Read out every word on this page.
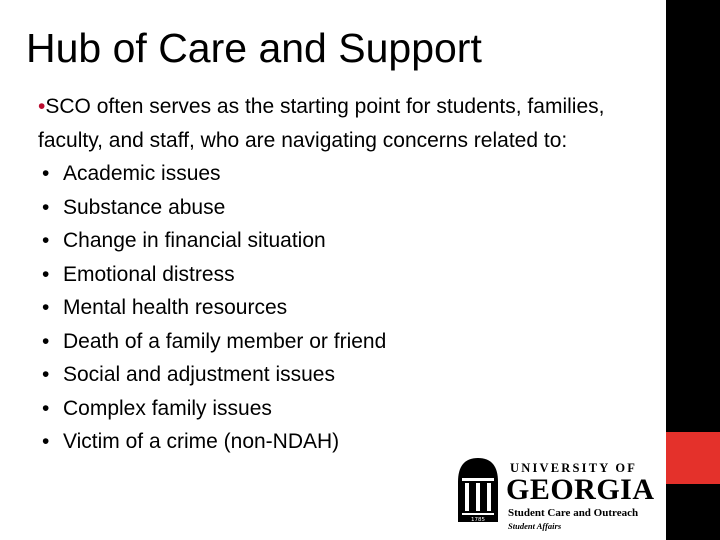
Hub of Care and Support

•SCO often serves as the starting point for students, families, faculty, and staff, who are navigating concerns related to:

• Academic issues
• Substance abuse
• Change in financial situation
• Emotional distress
• Mental health resources
• Death of a family member or friend
• Social and adjustment issues
• Complex family issues
• Victim of a crime (non-NDAH)
1785
UNIVERSITY OF
GEORGIA
Student Care and Outreach
Student Affairs
